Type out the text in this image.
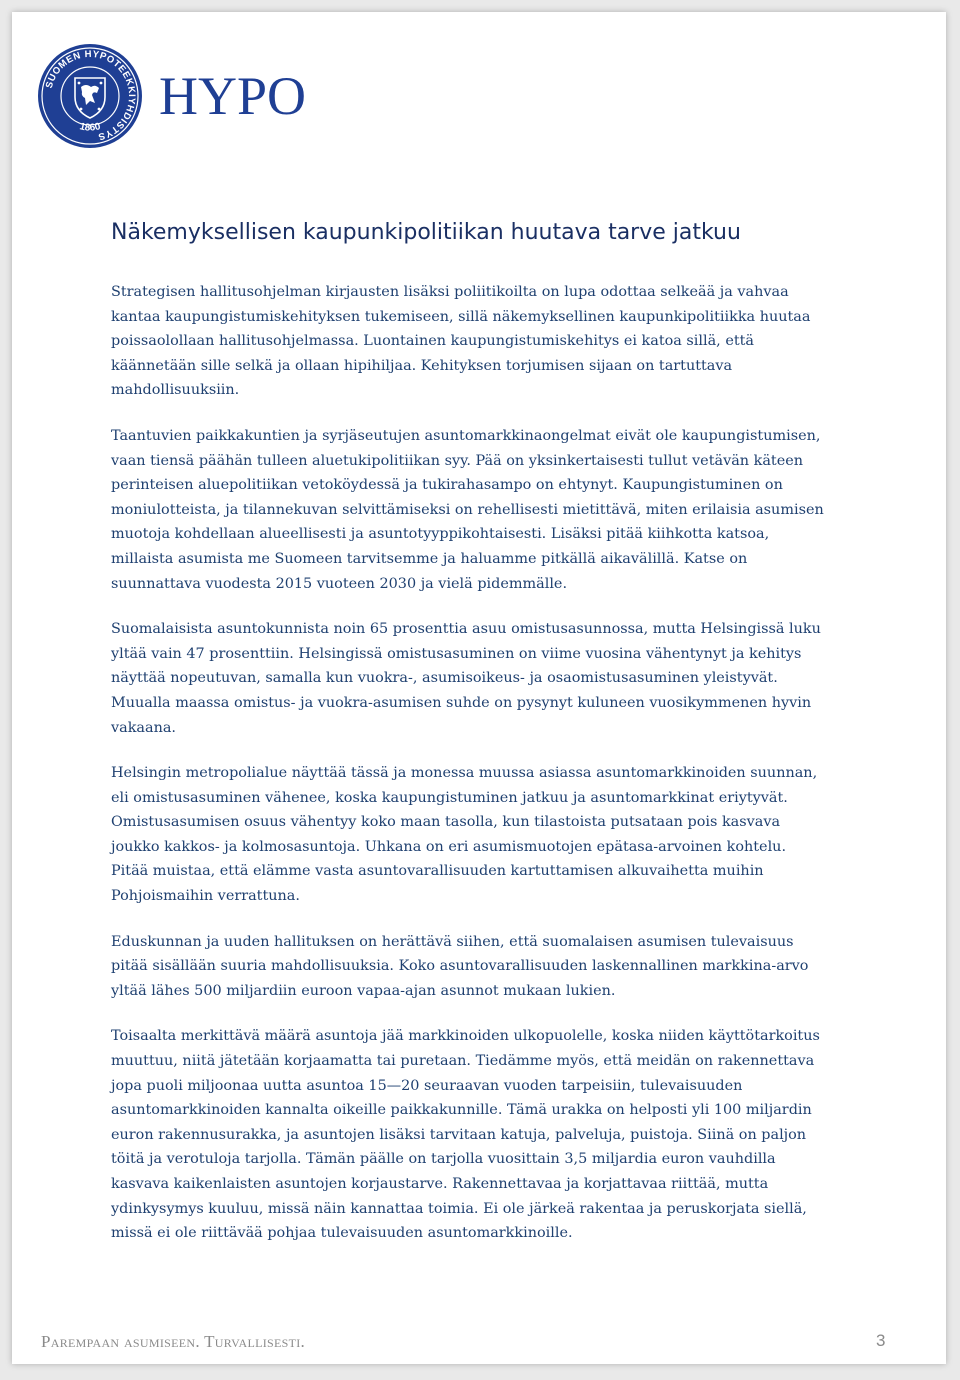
SUOMEN HYPOTEEKKIYHDISTYS
1860
HYPO
Näkemyksellisen kaupunkipolitiikan huutava tarve jatkuu

Strategisen hallitusohjelman kirjausten lisäksi poliitikoilta on lupa odottaa selkeää ja vahvaa
kantaa kaupungistumiskehityksen tukemiseen, sillä näkemyksellinen kaupunkipolitiikka huutaa
poissaolollaan hallitusohjelmassa. Luontainen kaupungistumiskehitys ei katoa sillä, että
käännetään sille selkä ja ollaan hipihiljaa. Kehityksen torjumisen sijaan on tartuttava
mahdollisuuksiin.

Taantuvien paikkakuntien ja syrjäseutujen asuntomarkkinaongelmat eivät ole kaupungistumisen,
vaan tiensä päähän tulleen aluetukipolitiikan syy. Pää on yksinkertaisesti tullut vetävän käteen
perinteisen aluepolitiikan vetoköydessä ja tukirahasampo on ehtynyt. Kaupungistuminen on
moniulotteista, ja tilannekuvan selvittämiseksi on rehellisesti mietittävä, miten erilaisia asumisen
muotoja kohdellaan alueellisesti ja asuntotyyppikohtaisesti. Lisäksi pitää kiihkotta katsoa,
millaista asumista me Suomeen tarvitsemme ja haluamme pitkällä aikavälillä. Katse on
suunnattava vuodesta 2015 vuoteen 2030 ja vielä pidemmälle.

Suomalaisista asuntokunnista noin 65 prosenttia asuu omistusasunnossa, mutta Helsingissä luku
yltää vain 47 prosenttiin. Helsingissä omistusasuminen on viime vuosina vähentynyt ja kehitys
näyttää nopeutuvan, samalla kun vuokra-, asumisoikeus- ja osaomistusasuminen yleistyvät.
Muualla maassa omistus- ja vuokra-asumisen suhde on pysynyt kuluneen vuosikymmenen hyvin
vakaana.

Helsingin metropolialue näyttää tässä ja monessa muussa asiassa asuntomarkkinoiden suunnan,
eli omistusasuminen vähenee, koska kaupungistuminen jatkuu ja asuntomarkkinat eriytyvät.
Omistusasumisen osuus vähentyy koko maan tasolla, kun tilastoista putsataan pois kasvava
joukko kakkos- ja kolmosasuntoja. Uhkana on eri asumismuotojen epätasa-arvoinen kohtelu.
Pitää muistaa, että elämme vasta asuntovarallisuuden kartuttamisen alkuvaihetta muihin
Pohjoismaihin verrattuna.

Eduskunnan ja uuden hallituksen on herättävä siihen, että suomalaisen asumisen tulevaisuus
pitää sisällään suuria mahdollisuuksia. Koko asuntovarallisuuden laskennallinen markkina-arvo
yltää lähes 500 miljardiin euroon vapaa-ajan asunnot mukaan lukien.

Toisaalta merkittävä määrä asuntoja jää markkinoiden ulkopuolelle, koska niiden käyttötarkoitus
muuttuu, niitä jätetään korjaamatta tai puretaan. Tiedämme myös, että meidän on rakennettava
jopa puoli miljoonaa uutta asuntoa 15—20 seuraavan vuoden tarpeisiin, tulevaisuuden
asuntomarkkinoiden kannalta oikeille paikkakunnille. Tämä urakka on helposti yli 100 miljardin
euron rakennusurakka, ja asuntojen lisäksi tarvitaan katuja, palveluja, puistoja. Siinä on paljon
töitä ja verotuloja tarjolla. Tämän päälle on tarjolla vuosittain 3,5 miljardia euron vauhdilla
kasvava kaikenlaisten asuntojen korjaustarve. Rakennettavaa ja korjattavaa riittää, mutta
ydinkysymys kuuluu, missä näin kannattaa toimia. Ei ole järkeä rakentaa ja peruskorjata siellä,
missä ei ole riittävää pohjaa tulevaisuuden asuntomarkkinoille.

Parempaan asumiseen. Turvallisesti.	3
